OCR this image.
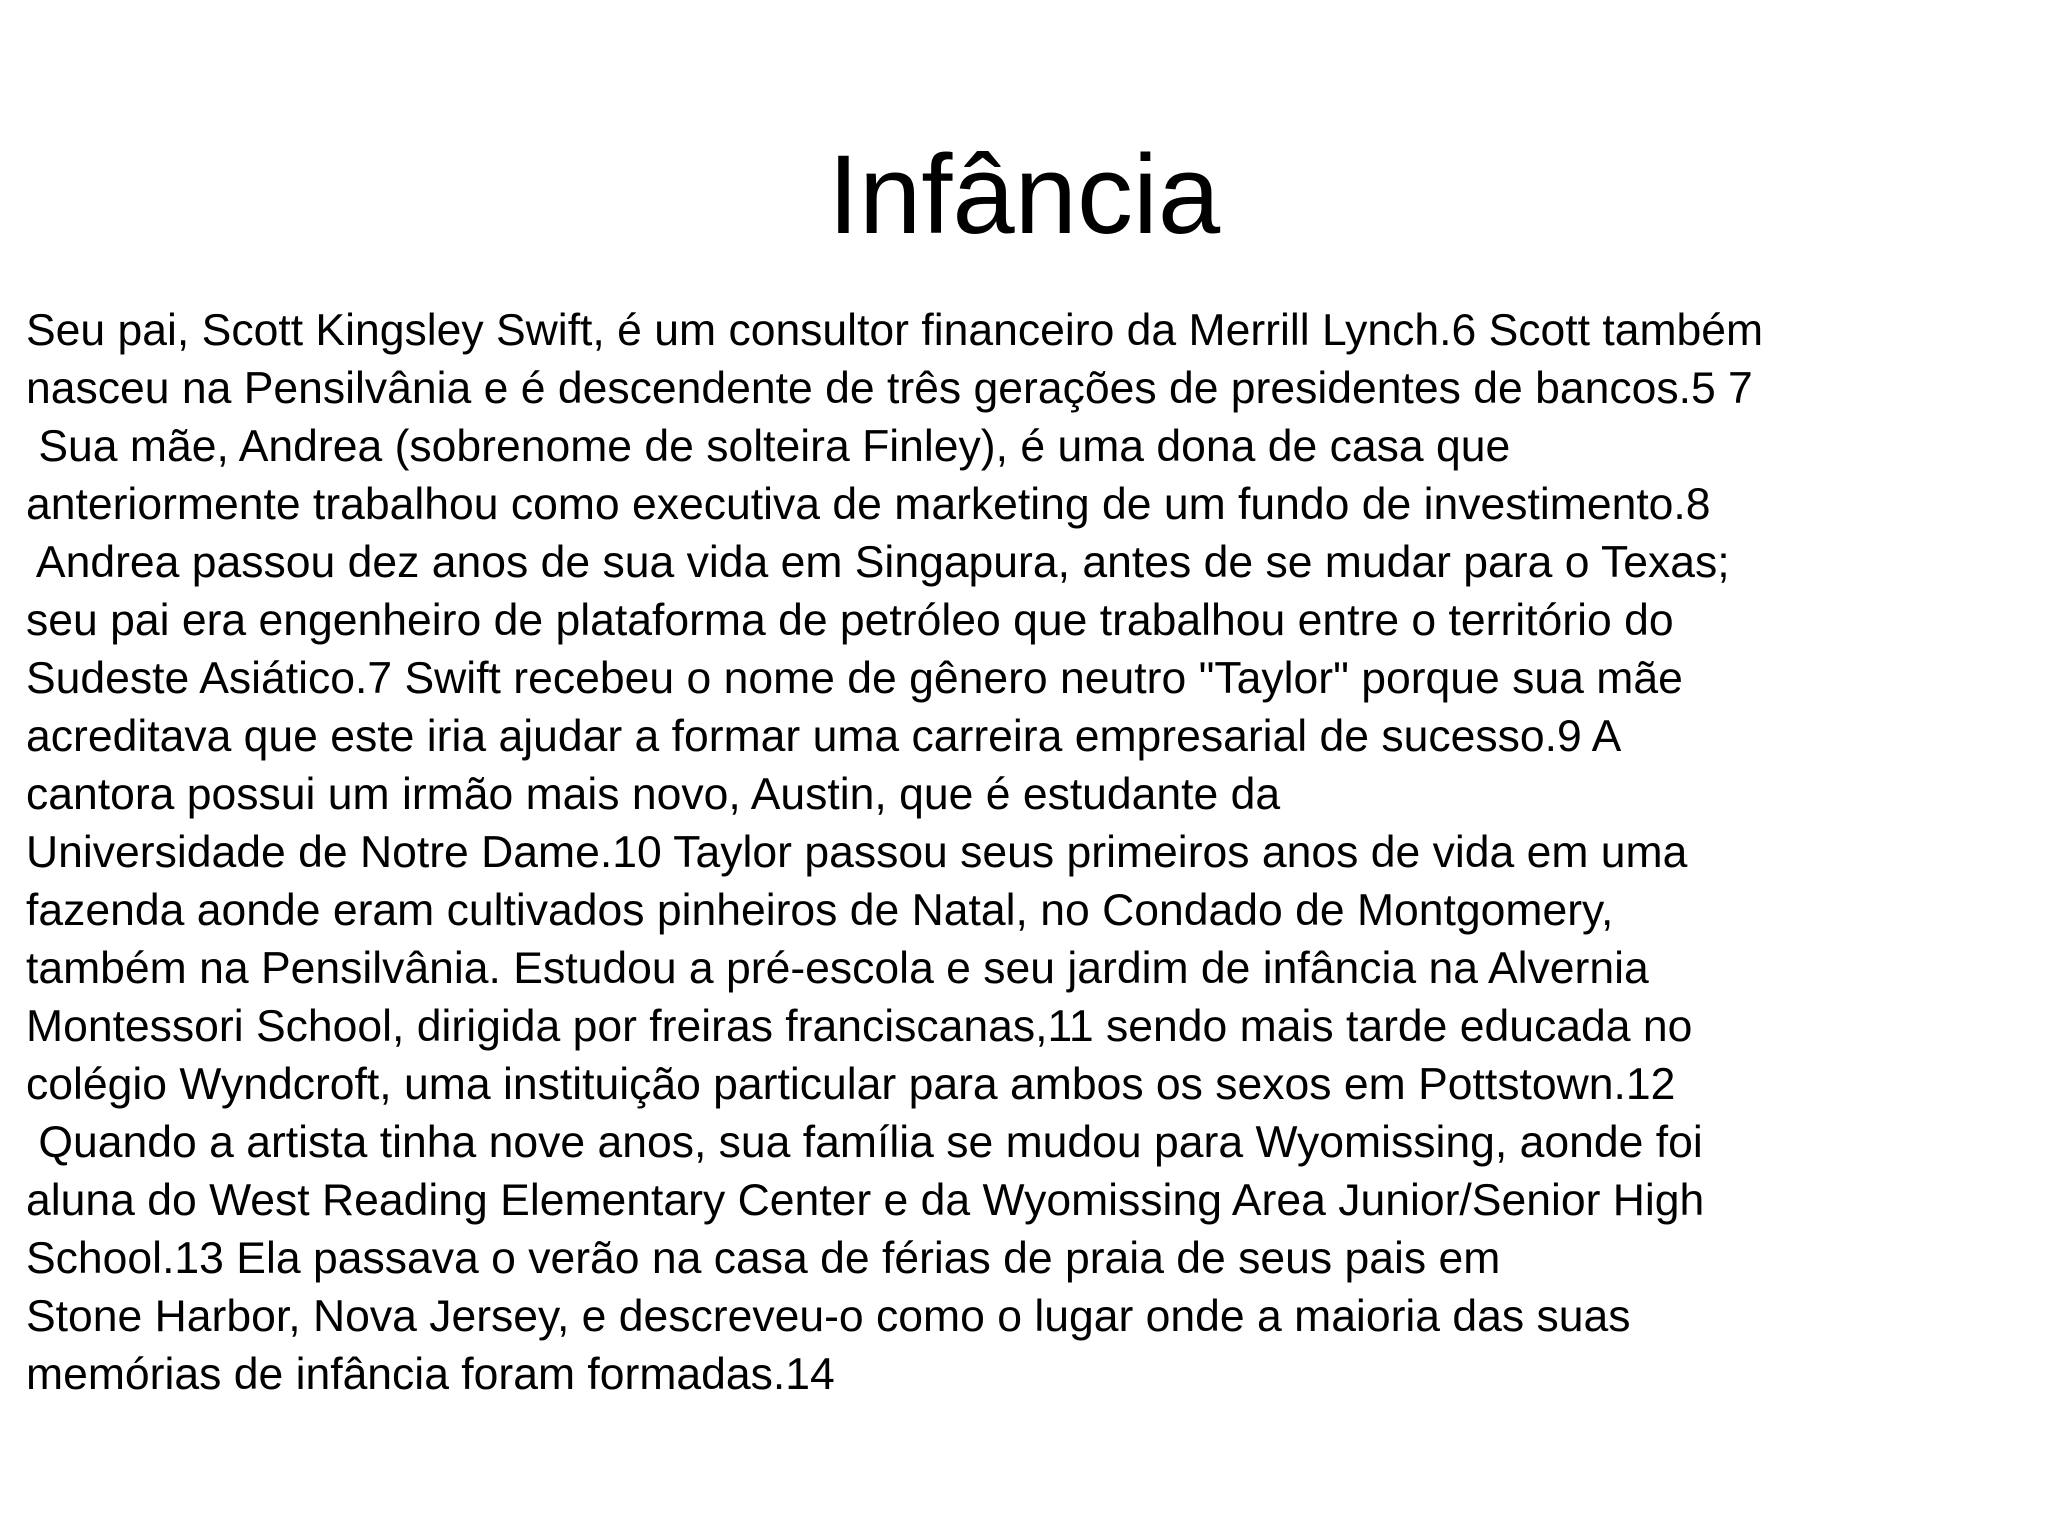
Infância
Seu pai, Scott Kingsley Swift, é um consultor financeiro da Merrill Lynch.6 Scott também
nasceu na Pensilvânia e é descendente de três gerações de presidentes de bancos.5 7
Sua mãe, Andrea (sobrenome de solteira Finley), é uma dona de casa que
anteriormente trabalhou como executiva de marketing de um fundo de investimento.8
Andrea passou dez anos de sua vida em Singapura, antes de se mudar para o Texas;
seu pai era engenheiro de plataforma de petróleo que trabalhou entre o território do
Sudeste Asiático.7 Swift recebeu o nome de gênero neutro "Taylor" porque sua mãe
acreditava que este iria ajudar a formar uma carreira empresarial de sucesso.9 A
cantora possui um irmão mais novo, Austin, que é estudante da
Universidade de Notre Dame.10 Taylor passou seus primeiros anos de vida em uma
fazenda aonde eram cultivados pinheiros de Natal, no Condado de Montgomery,
também na Pensilvânia. Estudou a pré-escola e seu jardim de infância na Alvernia
Montessori School, dirigida por freiras franciscanas,11 sendo mais tarde educada no
colégio Wyndcroft, uma instituição particular para ambos os sexos em Pottstown.12
Quando a artista tinha nove anos, sua família se mudou para Wyomissing, aonde foi
aluna do West Reading Elementary Center e da Wyomissing Area Junior/Senior High
School.13 Ela passava o verão na casa de férias de praia de seus pais em
Stone Harbor, Nova Jersey, e descreveu-o como o lugar onde a maioria das suas
memórias de infância foram formadas.14
